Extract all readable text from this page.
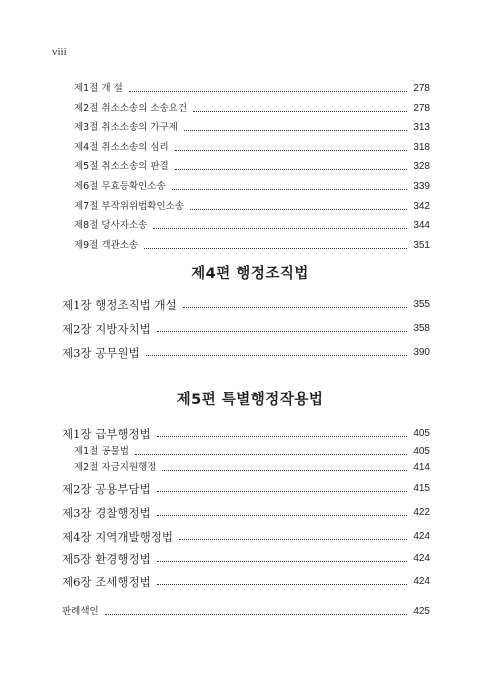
viii
제1절 개 설	278
제2절 취소소송의 소송요건	278
제3절 취소소송의 가구제	313
제4절 취소소송의 심리	318
제5절 취소소송의 판결	328
제6절 무효등확인소송	339
제7절 부작위위법확인소송	342
제8절 당사자소송	344
제9절 객관소송	351
제4편 행정조직법
제1장 행정조직법 개설	355
제2장 지방자치법	358
제3장 공무원법	390
제5편 특별행정작용법
제1장 급부행정법	405
제1절 공물법	405
제2절 자금지원행정	414
제2장 공용부담법	415
제3장 경찰행정법	422
제4장 지역개발행정법	424
제5장 환경행정법	424
제6장 조세행정법	424
판례색인	425
